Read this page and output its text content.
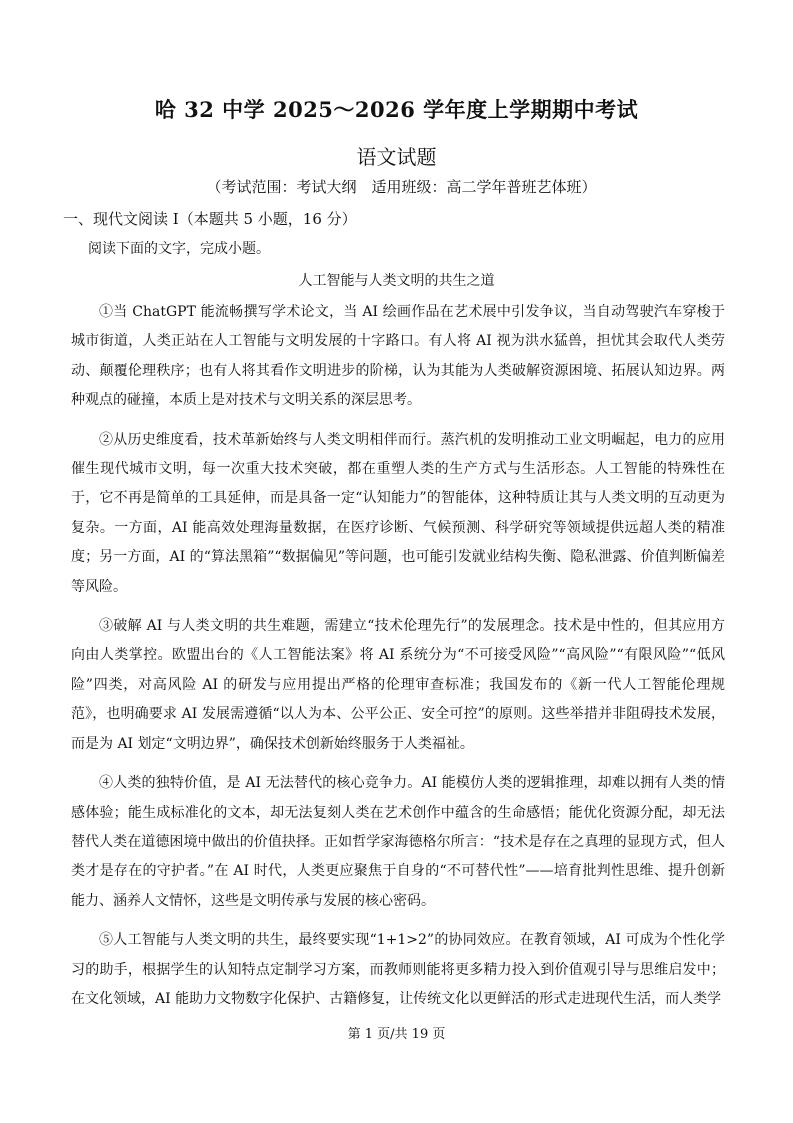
哈 32 中学 2025～2026 学年度上学期期中考试
语文试题
（考试范围：考试大纲　适用班级：高二学年普班艺体班）
一、现代文阅读 Ⅰ（本题共 5 小题，16 分）
阅读下面的文字，完成小题。
人工智能与人类文明的共生之道

①当 ChatGPT 能流畅撰写学术论文，当 AI 绘画作品在艺术展中引发争议，当自动驾驶汽车穿梭于城市街道，人类正站在人工智能与文明发展的十字路口。有人将 AI 视为洪水猛兽，担忧其会取代人类劳动、颠覆伦理秩序；也有人将其看作文明进步的阶梯，认为其能为人类破解资源困境、拓展认知边界。两种观点的碰撞，本质上是对技术与文明关系的深层思考。

②从历史维度看，技术革新始终与人类文明相伴而行。蒸汽机的发明推动工业文明崛起，电力的应用催生现代城市文明，每一次重大技术突破，都在重塑人类的生产方式与生活形态。人工智能的特殊性在于，它不再是简单的工具延伸，而是具备一定“认知能力”的智能体，这种特质让其与人类文明的互动更为复杂。一方面，AI 能高效处理海量数据，在医疗诊断、气候预测、科学研究等领域提供远超人类的精准度；另一方面，AI 的“算法黑箱”“数据偏见”等问题，也可能引发就业结构失衡、隐私泄露、价值判断偏差等风险。

③破解 AI 与人类文明的共生难题，需建立“技术伦理先行”的发展理念。技术是中性的，但其应用方向由人类掌控。欧盟出台的《人工智能法案》将 AI 系统分为“不可接受风险”“高风险”“有限风险”“低风险”四类，对高风险 AI 的研发与应用提出严格的伦理审查标准；我国发布的《新一代人工智能伦理规范》，也明确要求 AI 发展需遵循“以人为本、公平公正、安全可控”的原则。这些举措并非阻碍技术发展，而是为 AI 划定“文明边界”，确保技术创新始终服务于人类福祉。

④人类的独特价值，是 AI 无法替代的核心竞争力。AI 能模仿人类的逻辑推理，却难以拥有人类的情感体验；能生成标准化的文本，却无法复刻人类在艺术创作中蕴含的生命感悟；能优化资源分配，却无法替代人类在道德困境中做出的价值抉择。正如哲学家海德格尔所言：“技术是存在之真理的显现方式，但人类才是存在的守护者。”在 AI 时代，人类更应聚焦于自身的“不可替代性”——培育批判性思维、提升创新能力、涵养人文情怀，这些是文明传承与发展的核心密码。

⑤人工智能与人类文明的共生，最终要实现“1+1>2”的协同效应。在教育领域，AI 可成为个性化学习的助手，根据学生的认知特点定制学习方案，而教师则能将更多精力投入到价值观引导与思维启发中；在文化领域，AI 能助力文物数字化保护、古籍修复，让传统文化以更鲜活的形式走进现代生活，而人类学

第 1 页/共 19 页
